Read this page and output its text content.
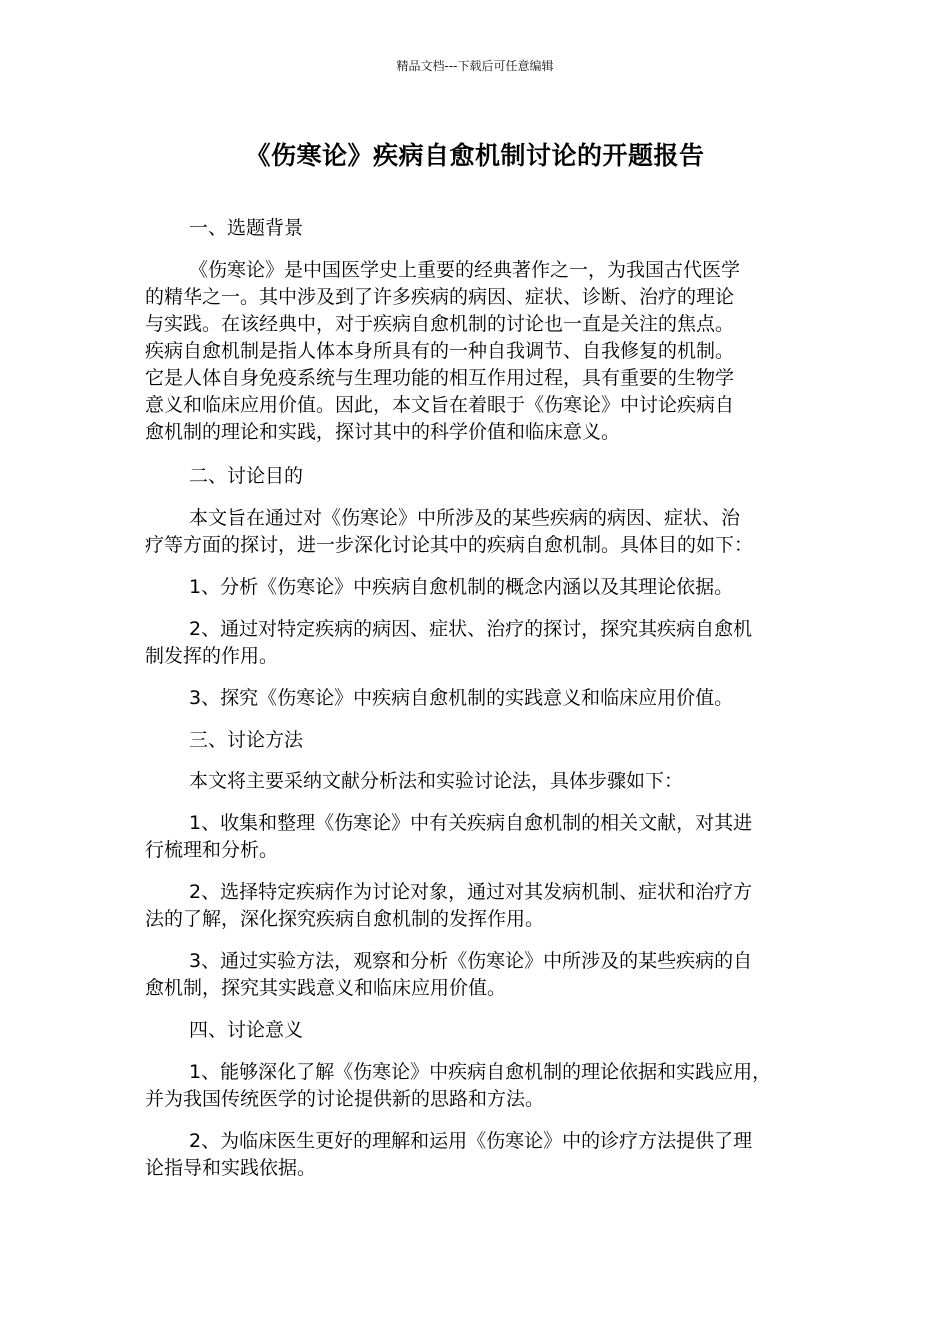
精品文档---下载后可任意编辑
《伤寒论》疾病自愈机制讨论的开题报告

一、选题背景

《伤寒论》是中国医学史上重要的经典著作之一，为我国古代医学
的精华之一。其中涉及到了许多疾病的病因、症状、诊断、治疗的理论
与实践。在该经典中，对于疾病自愈机制的讨论也一直是关注的焦点。
疾病自愈机制是指人体本身所具有的一种自我调节、自我修复的机制。
它是人体自身免疫系统与生理功能的相互作用过程，具有重要的生物学
意义和临床应用价值。因此，本文旨在着眼于《伤寒论》中讨论疾病自
愈机制的理论和实践，探讨其中的科学价值和临床意义。

二、讨论目的

本文旨在通过对《伤寒论》中所涉及的某些疾病的病因、症状、治
疗等方面的探讨，进一步深化讨论其中的疾病自愈机制。具体目的如下：

1、分析《伤寒论》中疾病自愈机制的概念内涵以及其理论依据。

2、通过对特定疾病的病因、症状、治疗的探讨，探究其疾病自愈机
制发挥的作用。

3、探究《伤寒论》中疾病自愈机制的实践意义和临床应用价值。

三、讨论方法

本文将主要采纳文献分析法和实验讨论法，具体步骤如下：

1、收集和整理《伤寒论》中有关疾病自愈机制的相关文献，对其进
行梳理和分析。

2、选择特定疾病作为讨论对象，通过对其发病机制、症状和治疗方
法的了解，深化探究疾病自愈机制的发挥作用。

3、通过实验方法，观察和分析《伤寒论》中所涉及的某些疾病的自
愈机制，探究其实践意义和临床应用价值。

四、讨论意义

1、能够深化了解《伤寒论》中疾病自愈机制的理论依据和实践应用，
并为我国传统医学的讨论提供新的思路和方法。

2、为临床医生更好的理解和运用《伤寒论》中的诊疗方法提供了理
论指导和实践依据。
